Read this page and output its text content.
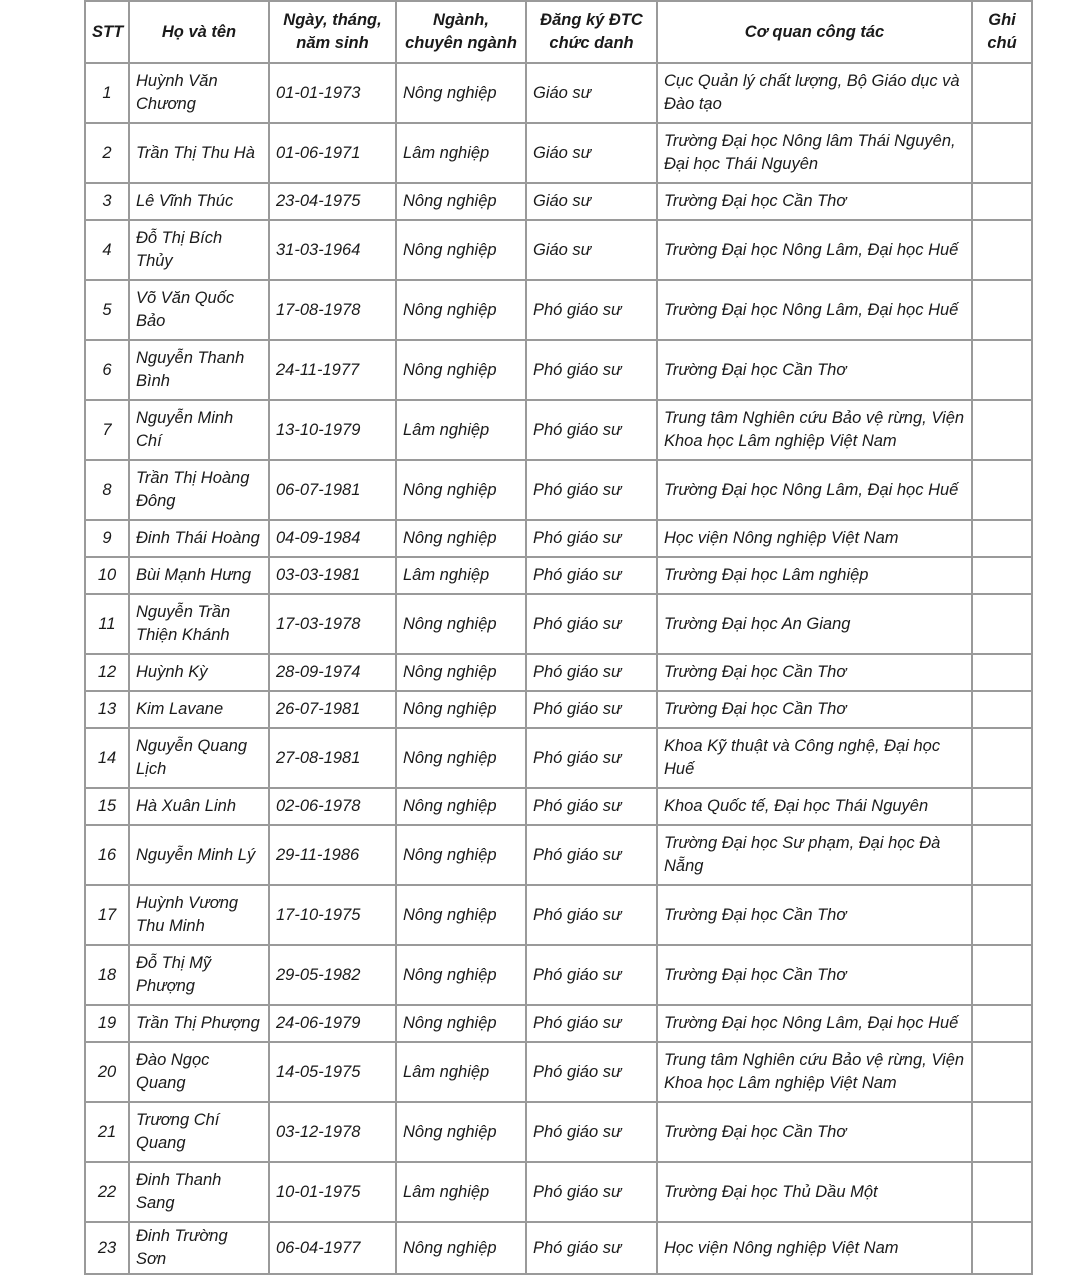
STT	Họ và tên	Ngày, tháng, năm sinh	Ngành, chuyên ngành	Đăng ký ĐTC chức danh	Cơ quan công tác	Ghi chú
1	Huỳnh Văn Chương	01-01-1973	Nông nghiệp	Giáo sư	Cục Quản lý chất lượng, Bộ Giáo dục và Đào tạo	
2	Trần Thị Thu Hà	01-06-1971	Lâm nghiệp	Giáo sư	Trường Đại học Nông lâm Thái Nguyên, Đại học Thái Nguyên	
3	Lê Vĩnh Thúc	23-04-1975	Nông nghiệp	Giáo sư	Trường Đại học Cần Thơ	
4	Đỗ Thị Bích Thủy	31-03-1964	Nông nghiệp	Giáo sư	Trường Đại học Nông Lâm, Đại học Huế	
5	Võ Văn Quốc Bảo	17-08-1978	Nông nghiệp	Phó giáo sư	Trường Đại học Nông Lâm, Đại học Huế	
6	Nguyễn Thanh Bình	24-11-1977	Nông nghiệp	Phó giáo sư	Trường Đại học Cần Thơ	
7	Nguyễn Minh Chí	13-10-1979	Lâm nghiệp	Phó giáo sư	Trung tâm Nghiên cứu Bảo vệ rừng, Viện Khoa học Lâm nghiệp Việt Nam	
8	Trần Thị Hoàng Đông	06-07-1981	Nông nghiệp	Phó giáo sư	Trường Đại học Nông Lâm, Đại học Huế	
9	Đinh Thái Hoàng	04-09-1984	Nông nghiệp	Phó giáo sư	Học viện Nông nghiệp Việt Nam	
10	Bùi Mạnh Hưng	03-03-1981	Lâm nghiệp	Phó giáo sư	Trường Đại học Lâm nghiệp	
11	Nguyễn Trần Thiện Khánh	17-03-1978	Nông nghiệp	Phó giáo sư	Trường Đại học An Giang	
12	Huỳnh Kỳ	28-09-1974	Nông nghiệp	Phó giáo sư	Trường Đại học Cần Thơ	
13	Kim Lavane	26-07-1981	Nông nghiệp	Phó giáo sư	Trường Đại học Cần Thơ	
14	Nguyễn Quang Lịch	27-08-1981	Nông nghiệp	Phó giáo sư	Khoa Kỹ thuật và Công nghệ, Đại học Huế	
15	Hà Xuân Linh	02-06-1978	Nông nghiệp	Phó giáo sư	Khoa Quốc tế, Đại học Thái Nguyên	
16	Nguyễn Minh Lý	29-11-1986	Nông nghiệp	Phó giáo sư	Trường Đại học Sư phạm, Đại học Đà Nẵng	
17	Huỳnh Vương Thu Minh	17-10-1975	Nông nghiệp	Phó giáo sư	Trường Đại học Cần Thơ	
18	Đỗ Thị Mỹ Phượng	29-05-1982	Nông nghiệp	Phó giáo sư	Trường Đại học Cần Thơ	
19	Trần Thị Phượng	24-06-1979	Nông nghiệp	Phó giáo sư	Trường Đại học Nông Lâm, Đại học Huế	
20	Đào Ngọc Quang	14-05-1975	Lâm nghiệp	Phó giáo sư	Trung tâm Nghiên cứu Bảo vệ rừng, Viện Khoa học Lâm nghiệp Việt Nam	
21	Trương Chí Quang	03-12-1978	Nông nghiệp	Phó giáo sư	Trường Đại học Cần Thơ	
22	Đinh Thanh Sang	10-01-1975	Lâm nghiệp	Phó giáo sư	Trường Đại học Thủ Dầu Một	
23	Đinh Trường Sơn	06-04-1977	Nông nghiệp	Phó giáo sư	Học viện Nông nghiệp Việt Nam	
